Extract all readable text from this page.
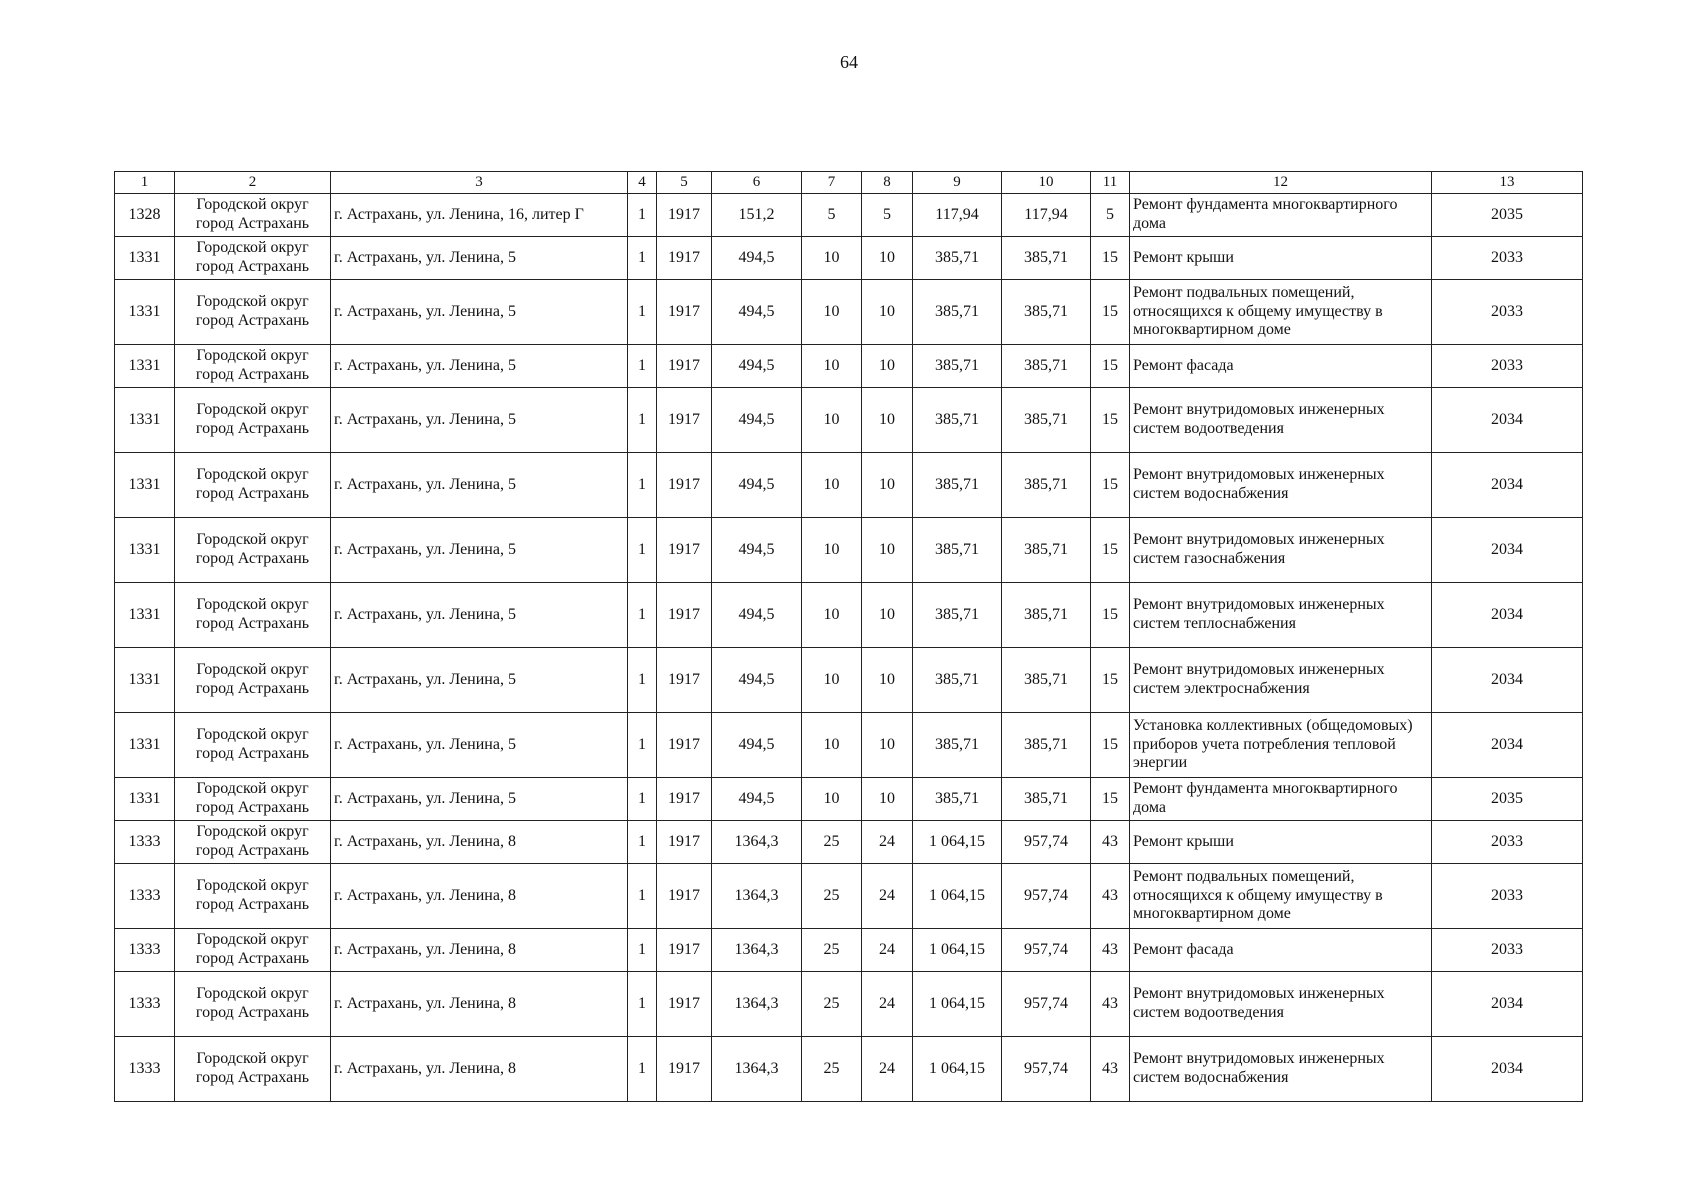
64
1	2	3	4	5	6	7	8	9	10	11	12	13
1328	Городской округ город Астрахань	г. Астрахань, ул. Ленина, 16, литер Г	1	1917	151,2	5	5	117,94	117,94	5	Ремонт фундамента многоквартирного дома	2035
1331	Городской округ город Астрахань	г. Астрахань, ул. Ленина, 5	1	1917	494,5	10	10	385,71	385,71	15	Ремонт крыши	2033
1331	Городской округ город Астрахань	г. Астрахань, ул. Ленина, 5	1	1917	494,5	10	10	385,71	385,71	15	Ремонт подвальных помещений, относящихся к общему имуществу в многоквартирном доме	2033
1331	Городской округ город Астрахань	г. Астрахань, ул. Ленина, 5	1	1917	494,5	10	10	385,71	385,71	15	Ремонт фасада	2033
1331	Городской округ город Астрахань	г. Астрахань, ул. Ленина, 5	1	1917	494,5	10	10	385,71	385,71	15	Ремонт внутридомовых инженерных систем водоотведения	2034
1331	Городской округ город Астрахань	г. Астрахань, ул. Ленина, 5	1	1917	494,5	10	10	385,71	385,71	15	Ремонт внутридомовых инженерных систем водоснабжения	2034
1331	Городской округ город Астрахань	г. Астрахань, ул. Ленина, 5	1	1917	494,5	10	10	385,71	385,71	15	Ремонт внутридомовых инженерных систем газоснабжения	2034
1331	Городской округ город Астрахань	г. Астрахань, ул. Ленина, 5	1	1917	494,5	10	10	385,71	385,71	15	Ремонт внутридомовых инженерных систем теплоснабжения	2034
1331	Городской округ город Астрахань	г. Астрахань, ул. Ленина, 5	1	1917	494,5	10	10	385,71	385,71	15	Ремонт внутридомовых инженерных систем электроснабжения	2034
1331	Городской округ город Астрахань	г. Астрахань, ул. Ленина, 5	1	1917	494,5	10	10	385,71	385,71	15	Установка коллективных (общедомовых) приборов учета потребления тепловой энергии	2034
1331	Городской округ город Астрахань	г. Астрахань, ул. Ленина, 5	1	1917	494,5	10	10	385,71	385,71	15	Ремонт фундамента многоквартирного дома	2035
1333	Городской округ город Астрахань	г. Астрахань, ул. Ленина, 8	1	1917	1364,3	25	24	1 064,15	957,74	43	Ремонт крыши	2033
1333	Городской округ город Астрахань	г. Астрахань, ул. Ленина, 8	1	1917	1364,3	25	24	1 064,15	957,74	43	Ремонт подвальных помещений, относящихся к общему имуществу в многоквартирном доме	2033
1333	Городской округ город Астрахань	г. Астрахань, ул. Ленина, 8	1	1917	1364,3	25	24	1 064,15	957,74	43	Ремонт фасада	2033
1333	Городской округ город Астрахань	г. Астрахань, ул. Ленина, 8	1	1917	1364,3	25	24	1 064,15	957,74	43	Ремонт внутридомовых инженерных систем водоотведения	2034
1333	Городской округ город Астрахань	г. Астрахань, ул. Ленина, 8	1	1917	1364,3	25	24	1 064,15	957,74	43	Ремонт внутридомовых инженерных систем водоснабжения	2034
